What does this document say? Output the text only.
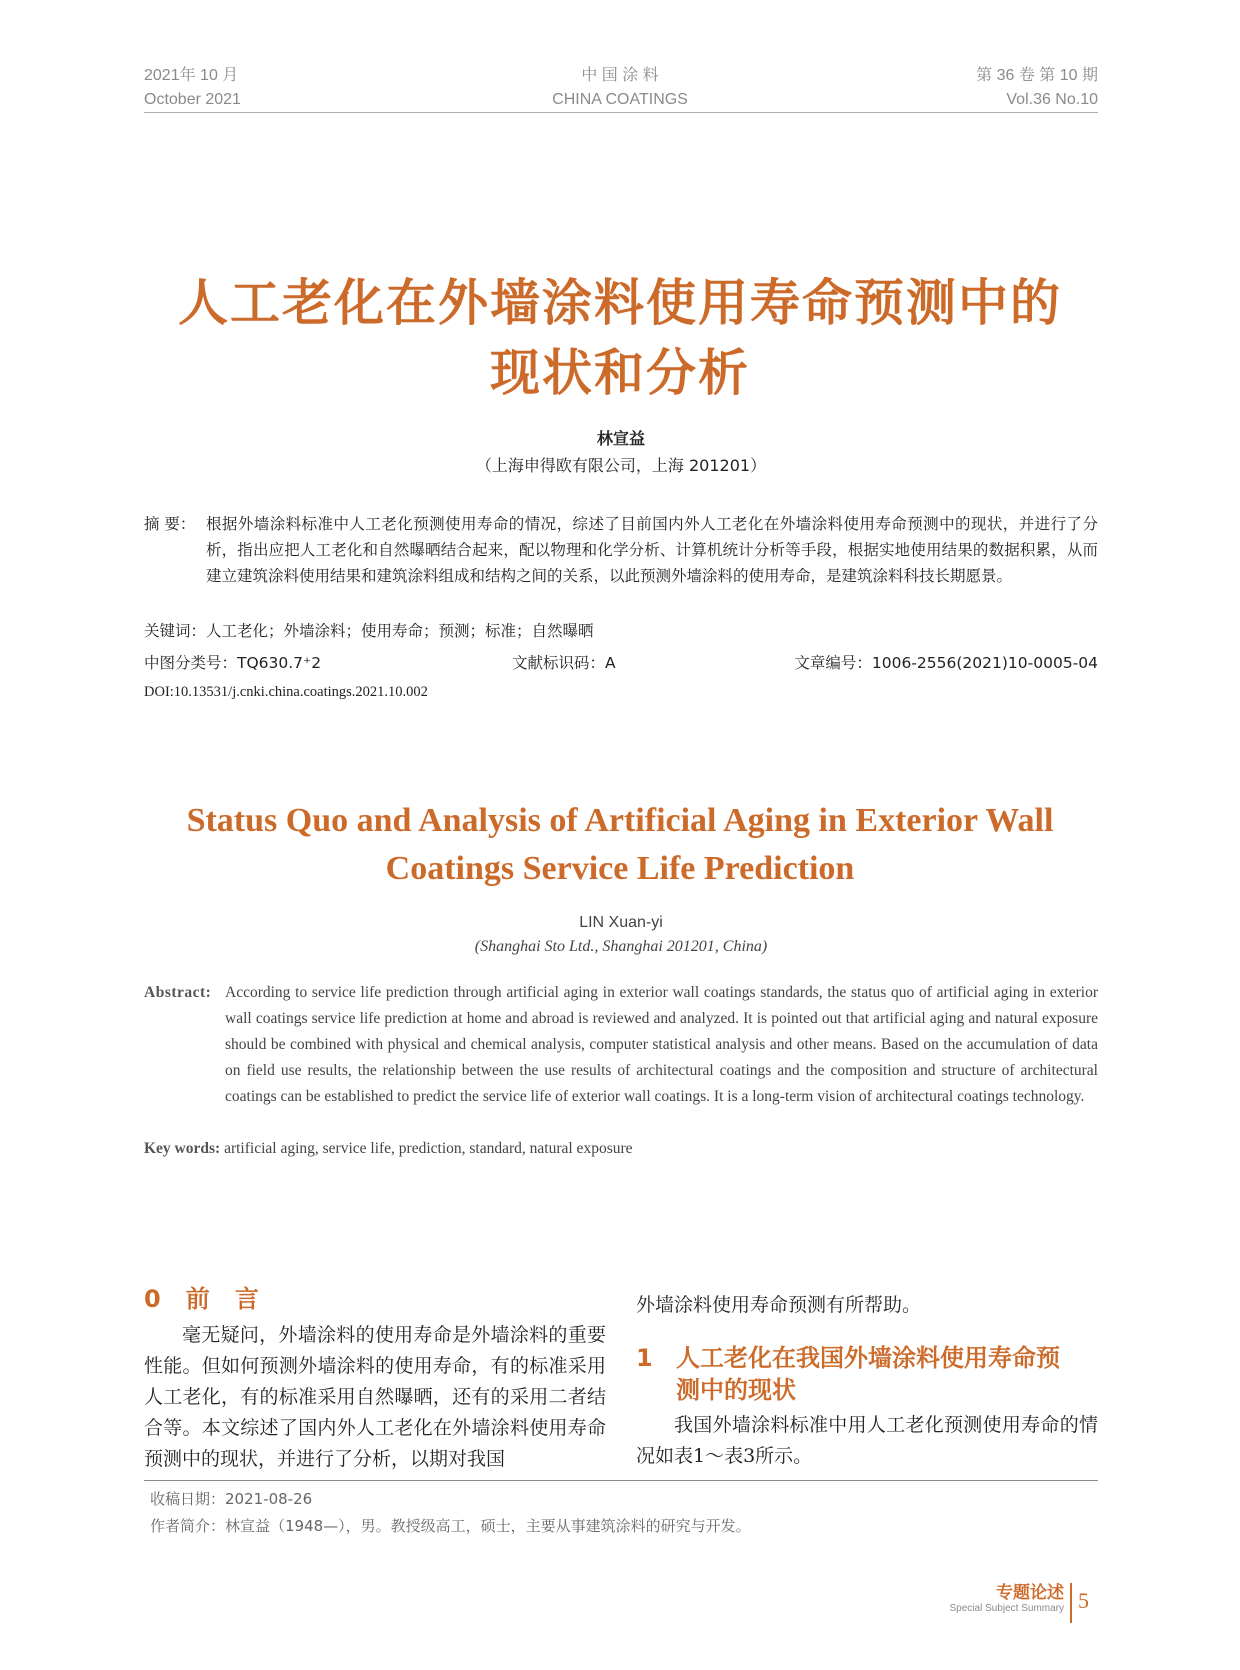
2021年 10 月
October 2021
中 国 涂 料
CHINA COATINGS
第 36 卷 第 10 期
Vol.36 No.10
人工老化在外墙涂料使用寿命预测中的
现状和分析
林宣益
（上海申得欧有限公司，上海 201201）
摘 要： 根据外墙涂料标准中人工老化预测使用寿命的情况，综述了目前国内外人工老化在外墙涂料使用寿命预测中的现状，并进行了分析，指出应把人工老化和自然曝晒结合起来，配以物理和化学分析、计算机统计分析等手段，根据实地使用结果的数据积累，从而建立建筑涂料使用结果和建筑涂料组成和结构之间的关系，以此预测外墙涂料的使用寿命，是建筑涂料科技长期愿景。
关键词：人工老化；外墙涂料；使用寿命；预测；标准；自然曝晒
中图分类号：TQ630.7⁺2	文献标识码：A	文章编号：1006-2556(2021)10-0005-04
DOI:10.13531/j.cnki.china.coatings.2021.10.002
Status Quo and Analysis of Artificial Aging in Exterior Wall
Coatings Service Life Prediction
LIN Xuan-yi
(Shanghai Sto Ltd., Shanghai 201201, China)
Abstract: According to service life prediction through artificial aging in exterior wall coatings standards, the status quo of artificial aging in exterior wall coatings service life prediction at home and abroad is reviewed and analyzed. It is pointed out that artificial aging and natural exposure should be combined with physical and chemical analysis, computer statistical analysis and other means. Based on the accumulation of data on field use results, the relationship between the use results of architectural coatings and the composition and structure of architectural coatings can be established to predict the service life of exterior wall coatings. It is a long-term vision of architectural coatings technology.
Key words: artificial aging, service life, prediction, standard, natural exposure
0   前   言
毫无疑问，外墙涂料的使用寿命是外墙涂料的重要性能。但如何预测外墙涂料的使用寿命，有的标准采用人工老化，有的标准采用自然曝晒，还有的采用二者结合等。本文综述了国内外人工老化在外墙涂料使用寿命预测中的现状，并进行了分析，以期对我国
外墙涂料使用寿命预测有所帮助。
1 人工老化在我国外墙涂料使用寿命预
测中的现状
我国外墙涂料标准中用人工老化预测使用寿命的情况如表1～表3所示。
收稿日期：2021-08-26
作者简介：林宣益（1948—），男。教授级高工，硕士，主要从事建筑涂料的研究与开发。
专题论述
Special Subject Summary 5
